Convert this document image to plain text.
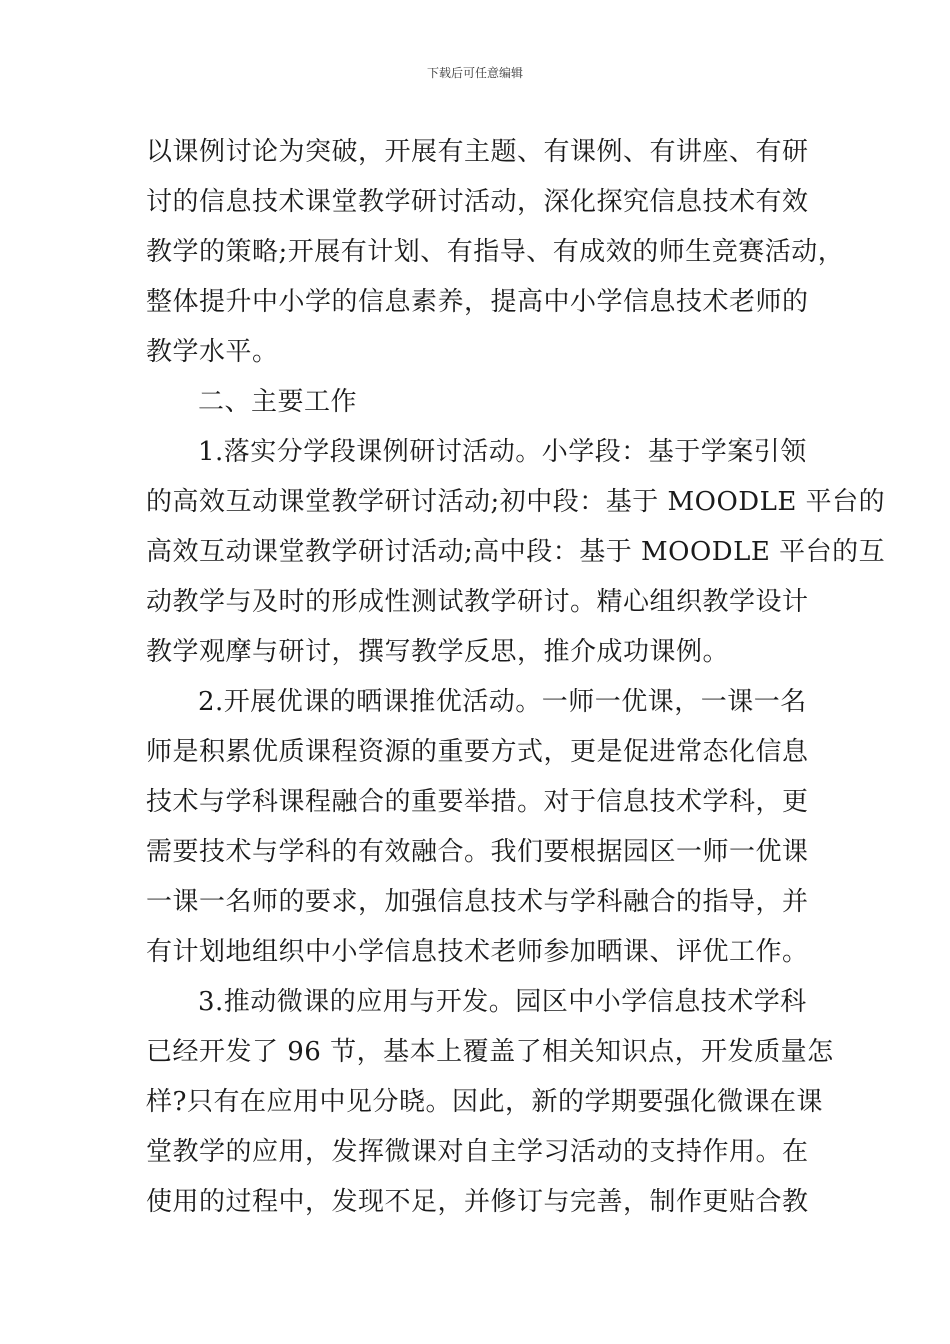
下载后可任意编辑
以课例讨论为突破，开展有主题、有课例、有讲座、有研
讨的信息技术课堂教学研讨活动，深化探究信息技术有效
教学的策略;开展有计划、有指导、有成效的师生竞赛活动，
整体提升中小学的信息素养，提高中小学信息技术老师的
教学水平。
二、主要工作
1.落实分学段课例研讨活动。小学段：基于学案引领
的高效互动课堂教学研讨活动;初中段：基于 MOODLE 平台的
高效互动课堂教学研讨活动;高中段：基于 MOODLE 平台的互
动教学与及时的形成性测试教学研讨。精心组织教学设计
教学观摩与研讨，撰写教学反思，推介成功课例。
2.开展优课的晒课推优活动。一师一优课，一课一名
师是积累优质课程资源的重要方式，更是促进常态化信息
技术与学科课程融合的重要举措。对于信息技术学科，更
需要技术与学科的有效融合。我们要根据园区一师一优课
一课一名师的要求，加强信息技术与学科融合的指导，并
有计划地组织中小学信息技术老师参加晒课、评优工作。
3.推动微课的应用与开发。园区中小学信息技术学科
已经开发了 96 节，基本上覆盖了相关知识点，开发质量怎
样?只有在应用中见分晓。因此，新的学期要强化微课在课
堂教学的应用，发挥微课对自主学习活动的支持作用。在
使用的过程中，发现不足，并修订与完善，制作更贴合教
